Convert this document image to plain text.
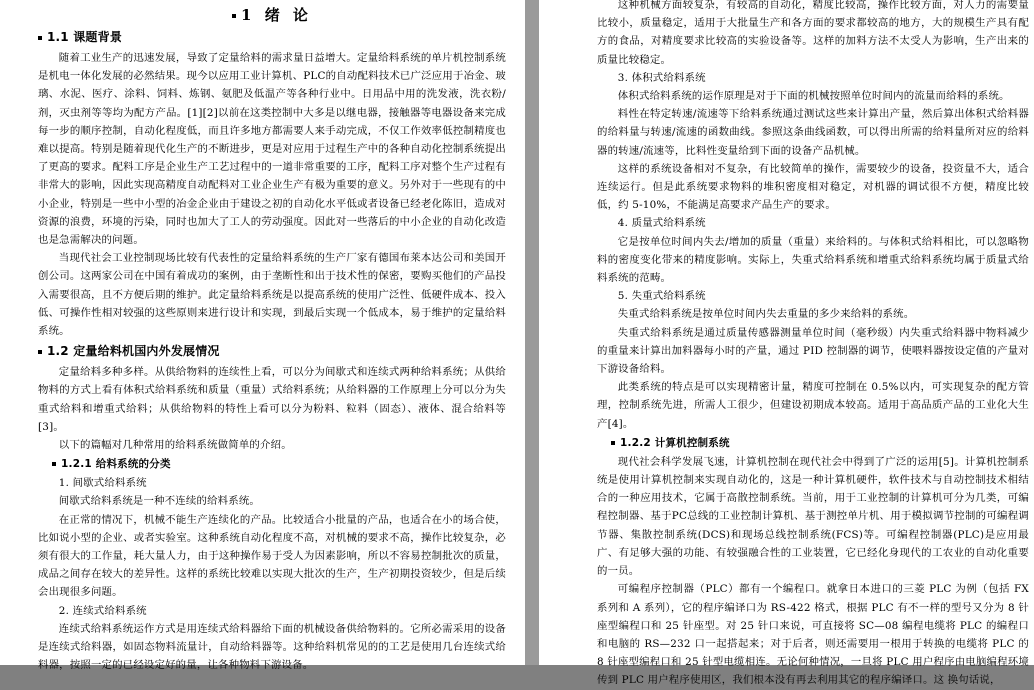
1 绪 论
1.1 课题背景

随着工业生产的迅速发展，导致了定量给料的需求量日益增大。定量给料系统的单片机控制系统是机电一体化发展的必然结果。现今以应用工业计算机、PLC的自动配料技术已广泛应用于冶金、玻璃、水泥、医疗、涂料、饲料、炼钢、氨肥及低温产等各种行业中。日用品中用的洗发液，洗衣粉/剂，灭虫剂等等均为配方产品。[1][2]以前在这类控制中大多是以继电器，接触器等电器设备来完成每一步的顺序控制，自动化程度低，而且许多地方都需要人来手动完成，不仅工作效率低控制精度也难以提高。特别是随着现代化生产的不断进步，更是对应用于过程生产中的各种自动化控制系统提出了更高的要求。配料工序是企业生产工艺过程中的一道非常重要的工序，配料工序对整个生产过程有非常大的影响，因此实现高精度自动配料对工业企业生产有极为重要的意义。另外对于一些现有的中小企业，特别是一些中小型的冶金企业由于建设之初的自动化水平低或者设备已经老化陈旧，造成对资源的浪费，环境的污染，同时也加大了工人的劳动强度。因此对一些落后的中小企业的自动化改造也是急需解决的问题。

当现代社会工业控制现场比较有代表性的定量给料系统的生产厂家有德国布莱本达公司和美国开创公司。这两家公司在中国有着成功的案例，由于垄断性和出于技术性的保密，要购买他们的产品投入需要很高，且不方便后期的维护。此定量给料系统是以提高系统的使用广泛性、低硬件成本、投入低、可操作性相对较强的这些原则来进行设计和实现，到最后实现一个低成本，易于维护的定量给料系统。

1.2 定量给料机国内外发展情况

定量给料多种多样。从供给物料的连续性上看，可以分为间歇式和连续式两种给料系统；从供给物料的方式上看有体积式给料系统和质量（重量）式给料系统；从给料器的工作原理上分可以分为失重式给料和增重式给料；从供给物料的特性上看可以分为粉料、粒料（固态）、液体、混合给料等[3]。

以下的篇幅对几种常用的给料系统做简单的介绍。

1.2.1 给料系统的分类

1. 间歇式给料系统

间歇式给料系统是一种不连续的给料系统。

在正常的情况下，机械不能生产连续化的产品。比较适合小批量的产品，也适合在小的场合使，比如说小型的企业、或者实验室。这种系统自动化程度不高，对机械的要求不高，操作比较复杂，必须有很大的工作量，耗大量人力，由于这种操作易于受人为因素影响，所以不容易控制批次的质量，成品之间存在较大的差异性。这样的系统比较难以实现大批次的生产，生产初期投资较少，但是后续会出现很多问题。

2. 连续式给料系统

连续式给料系统运作方式是用连续式给料器给下面的机械设备供给物料的。它所必需采用的设备是连续式给料器，如固态物料流量计，自动给料器等。这种给料机常见的的工艺是使用几台连续式给料器，按照一定的已经设定好的量，让各种物料下游设备。

这种机械方面较复杂，有较高的自动化，精度比较高，操作比较方面，对人力的需要量比较小，质量稳定，适用于大批量生产和各方面的要求都较高的地方，大的规模生产具有配方的食品，对精度要求比较高的实验设备等。这样的加料方法不太受人为影响，生产出来的质量比较稳定。

3. 体积式给料系统

体积式给料系统的运作原理是对于下面的机械按照单位时间内的流量而给料的系统。

料性在特定转速/流速等下给料系统通过测试这些来计算出产量，然后算出体积式给料器的给料量与转速/流速的函数曲线。参照这条曲线函数，可以得出所需的给料量所对应的给料器的转速/流速等，比料性变量给到下面的设备产品机械。

这样的系统设备相对不复杂，有比较简单的操作，需要较少的设备，投资量不大，适合连续运行。但是此系统要求物料的堆积密度相对稳定，对机器的调试很不方便，精度比较低，约 5-10%，不能满足高要求产品生产的要求。

4. 质量式给料系统

它是按单位时间内失去/增加的质量（重量）来给料的。与体积式给料相比，可以忽略物料的密度变化带来的精度影响。实际上，失重式给料系统和增重式给料系统均属于质量式给料系统的范畴。

5. 失重式给料系统

失重式给料系统是按单位时间内失去重量的多少来给料的系统。

失重式给料系统是通过质量传感器测量单位时间（毫秒级）内失重式给料器中物料减少的重量来计算出加料器每小时的产量，通过 PID 控制器的调节，使喂料器按设定值的产量对下游设备给料。

此类系统的特点是可以实现精密计量，精度可控制在 0.5%以内，可实现复杂的配方管理，控制系统先进，所需人工很少，但建设初期成本较高。适用于高品质产品的工业化大生产[4]。

1.2.2 计算机控制系统

现代社会科学发展飞速，计算机控制在现代社会中得到了广泛的运用[5]。计算机控制系统是使用计算机控制来实现自动化的，这是一种计算机硬件，软件技术与自动控制技术相结合的一种应用技术，它属于高散控制系统。当前，用于工业控制的计算机可分为几类，可编程控制器、基于PC总线的工业控制计算机、基于测控单片机、用于模拟调节控制的可编程调节器、集散控制系统(DCS)和现场总线控制系统(FCS)等。可编程控制器(PLC)是应用最广、有足够大强的功能、有较强融合性的工业装置，它已经化身现代的工农业的自动化重要的一员。

可编程序控制器（PLC）都有一个编程口。就拿日本进口的三菱 PLC 为例（包括 FX 系列和 A 系列），它的程序编译口为 RS-422 格式，根据 PLC 有不一样的型号又分为 8 针座型编程口和 25 针座型。对 25 针口来说，可直接将 SC—08 编程电缆将 PLC 的编程口和电脑的 RS—232 口一起搭起来；对于后者，则还需要用一根用于转换的电缆将 PLC 的 8 针座型编程口和 25 针型电缆相连。无论何种情况，一旦将 PLC 用户程序由电脑编程环境传到 PLC 用户程序使用区，我们根本没有再去利用其它的程序编译口。这 换句话说，
